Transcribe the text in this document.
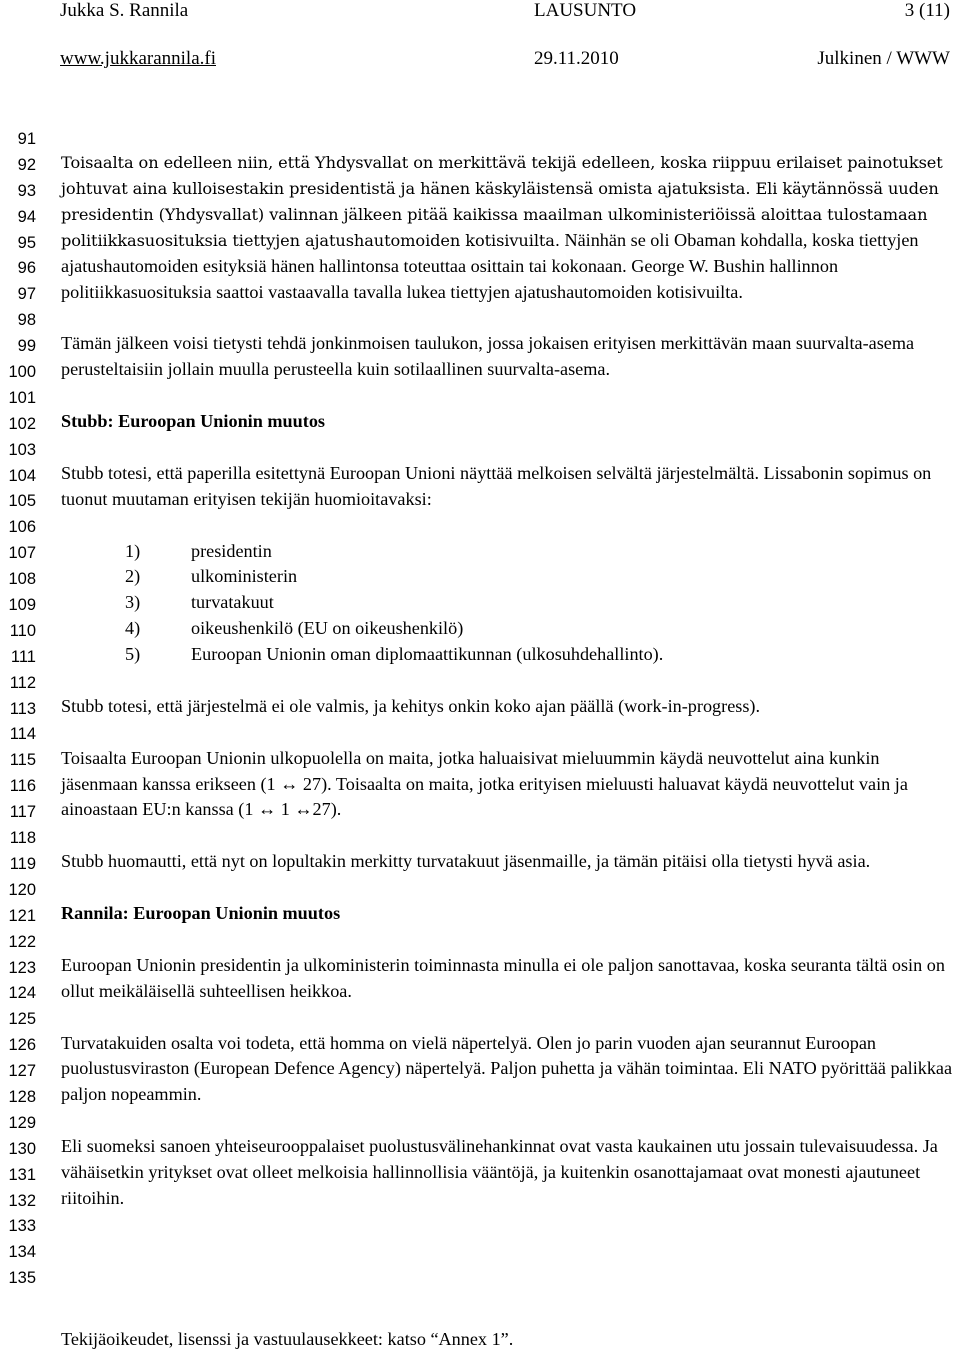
Jukka S. Rannila	LAUSUNTO	3 (11)
www.jukkarannila.fi	29.11.2010	Julkinen / WWW
91
92
93
94
95
96
97
98
99
100
101
102
103
104
105
106
107
108
109
110
111
112
113
114
115
116
117
118
119
120
121
122
123
124
125
126
127
128
129
130
131
132
133
134
135

Toisaalta on edelleen niin, että Yhdysvallat on merkittävä tekijä edelleen, koska riippuu erilaiset painotukset johtuvat aina kulloisestakin presidentistä ja hänen käskyläistensä omista ajatuksista. Eli käytännössä uuden presidentin (Yhdysvallat) valinnan jälkeen pitää kaikissa maailman ulkoministeriöissä aloittaa tulostamaan politiikkasuosituksia tiettyjen ajatushautomoiden kotisivuilta. Näinhän se oli Obaman kohdalla, koska tiettyjen ajatushautomoiden esityksiä hänen hallintonsa toteuttaa osittain tai kokonaan. George W. Bushin hallinnon politiikkasuosituksia saattoi vastaavalla tavalla lukea tiettyjen ajatushautomoiden kotisivuilta.

Tämän jälkeen voisi tietysti tehdä jonkinmoisen taulukon, jossa jokaisen erityisen merkittävän maan suurvalta-asema perusteltaisiin jollain muulla perusteella kuin sotilaallinen suurvalta-asema.

Stubb: Euroopan Unionin muutos

Stubb totesi, että paperilla esitettynä Euroopan Unioni näyttää melkoisen selvältä järjestelmältä. Lissabonin sopimus on tuonut muutaman erityisen tekijän huomioitavaksi:

1)	presidentin
2)	ulkoministerin
3)	turvatakuut
4)	oikeushenkilö (EU on oikeushenkilö)
5)	Euroopan Unionin oman diplomaattikunnan (ulkosuhdehallinto).

Stubb totesi, että järjestelmä ei ole valmis, ja kehitys onkin koko ajan päällä (work-in-progress).

Toisaalta Euroopan Unionin ulkopuolella on maita, jotka haluaisivat mieluummin käydä neuvottelut aina kunkin jäsenmaan kanssa erikseen (1 ↔ 27). Toisaalta on maita, jotka erityisen mieluusti haluavat käydä neuvottelut vain ja ainoastaan EU:n kanssa (1 ↔ 1 ↔27).

Stubb huomautti, että nyt on lopultakin merkitty turvatakuut jäsenmaille, ja tämän pitäisi olla tietysti hyvä asia.

Rannila: Euroopan Unionin muutos

Euroopan Unionin presidentin ja ulkoministerin toiminnasta minulla ei ole paljon sanottavaa, koska seuranta tältä osin on ollut meikäläisellä suhteellisen heikkoa.

Turvatakuiden osalta voi todeta, että homma on vielä näpertelyä. Olen jo parin vuoden ajan seurannut Euroopan puolustusviraston (European Defence Agency) näpertelyä. Paljon puhetta ja vähän toimintaa. Eli NATO pyörittää palikkaa paljon nopeammin.

Eli suomeksi sanoen yhteiseurooppalaiset puolustusvälinehankinnat ovat vasta kaukainen utu jossain tulevaisuudessa. Ja vähäisetkin yritykset ovat olleet melkoisia hallinnollisia vääntöjä, ja kuitenkin osanottajamaat ovat monesti ajautuneet riitoihin.

Tekijäoikeudet, lisenssi ja vastuulausekkeet: katso “Annex 1”.
